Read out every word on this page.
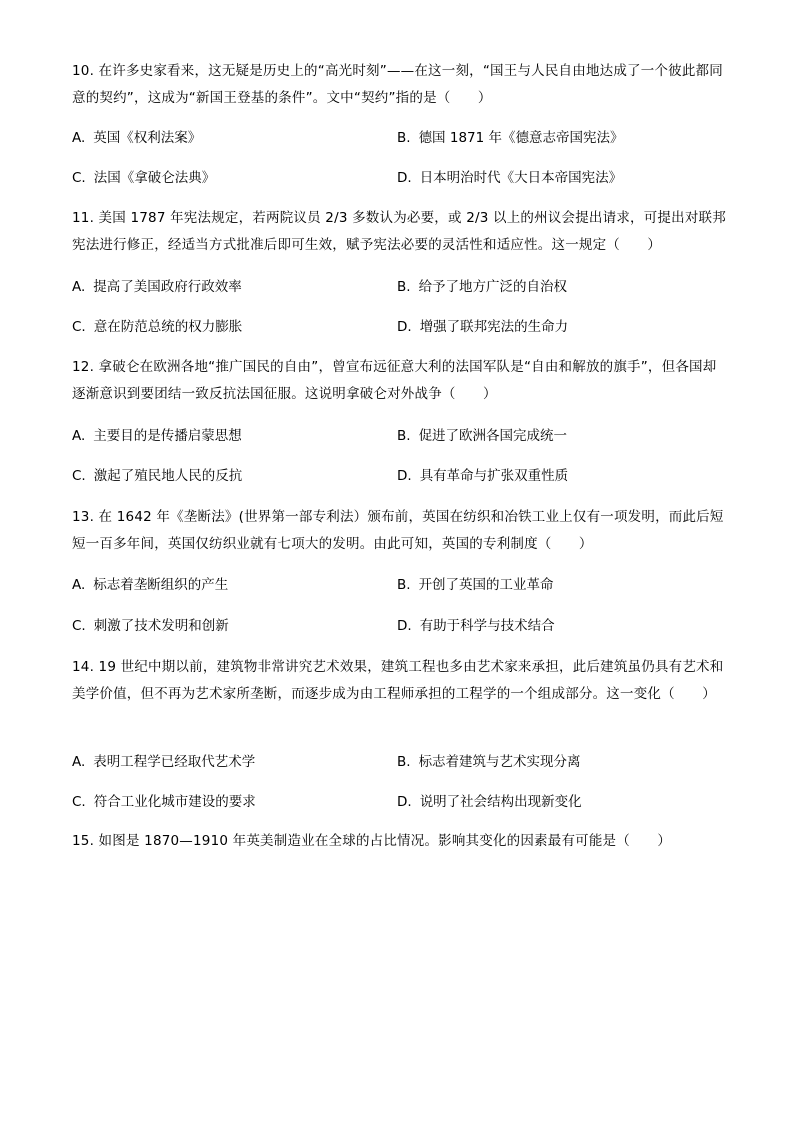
10. 在许多史家看来，这无疑是历史上的“高光时刻”——在这一刻，“国王与人民自由地达成了一个彼此都同意的契约”，这成为“新国王登基的条件”。文中“契约”指的是（　　）
A. 英国《权利法案》	B. 德国 1871 年《德意志帝国宪法》
C. 法国《拿破仑法典》	D. 日本明治时代《大日本帝国宪法》
11. 美国 1787 年宪法规定，若两院议员 2/3 多数认为必要，或 2/3 以上的州议会提出请求，可提出对联邦宪法进行修正，经适当方式批准后即可生效，赋予宪法必要的灵活性和适应性。这一规定（　　）
A. 提高了美国政府行政效率	B. 给予了地方广泛的自治权
C. 意在防范总统的权力膨胀	D. 增强了联邦宪法的生命力
12. 拿破仑在欧洲各地“推广国民的自由”，曾宣布远征意大利的法国军队是“自由和解放的旗手”，但各国却逐渐意识到要团结一致反抗法国征服。这说明拿破仑对外战争（　　）
A. 主要目的是传播启蒙思想	B. 促进了欧洲各国完成统一
C. 激起了殖民地人民的反抗	D. 具有革命与扩张双重性质
13. 在 1642 年《垄断法》(世界第一部专利法）颁布前，英国在纺织和冶铁工业上仅有一项发明，而此后短短一百多年间，英国仅纺织业就有七项大的发明。由此可知，英国的专利制度（　　）
A. 标志着垄断组织的产生	B. 开创了英国的工业革命
C. 刺激了技术发明和创新	D. 有助于科学与技术结合
14. 19 世纪中期以前，建筑物非常讲究艺术效果，建筑工程也多由艺术家来承担，此后建筑虽仍具有艺术和美学价值，但不再为艺术家所垄断，而逐步成为由工程师承担的工程学的一个组成部分。这一变化（　　）
A. 表明工程学已经取代艺术学	B. 标志着建筑与艺术实现分离
C. 符合工业化城市建设的要求	D. 说明了社会结构出现新变化
15. 如图是 1870—1910 年英美制造业在全球的占比情况。影响其变化的因素最有可能是（　　）
